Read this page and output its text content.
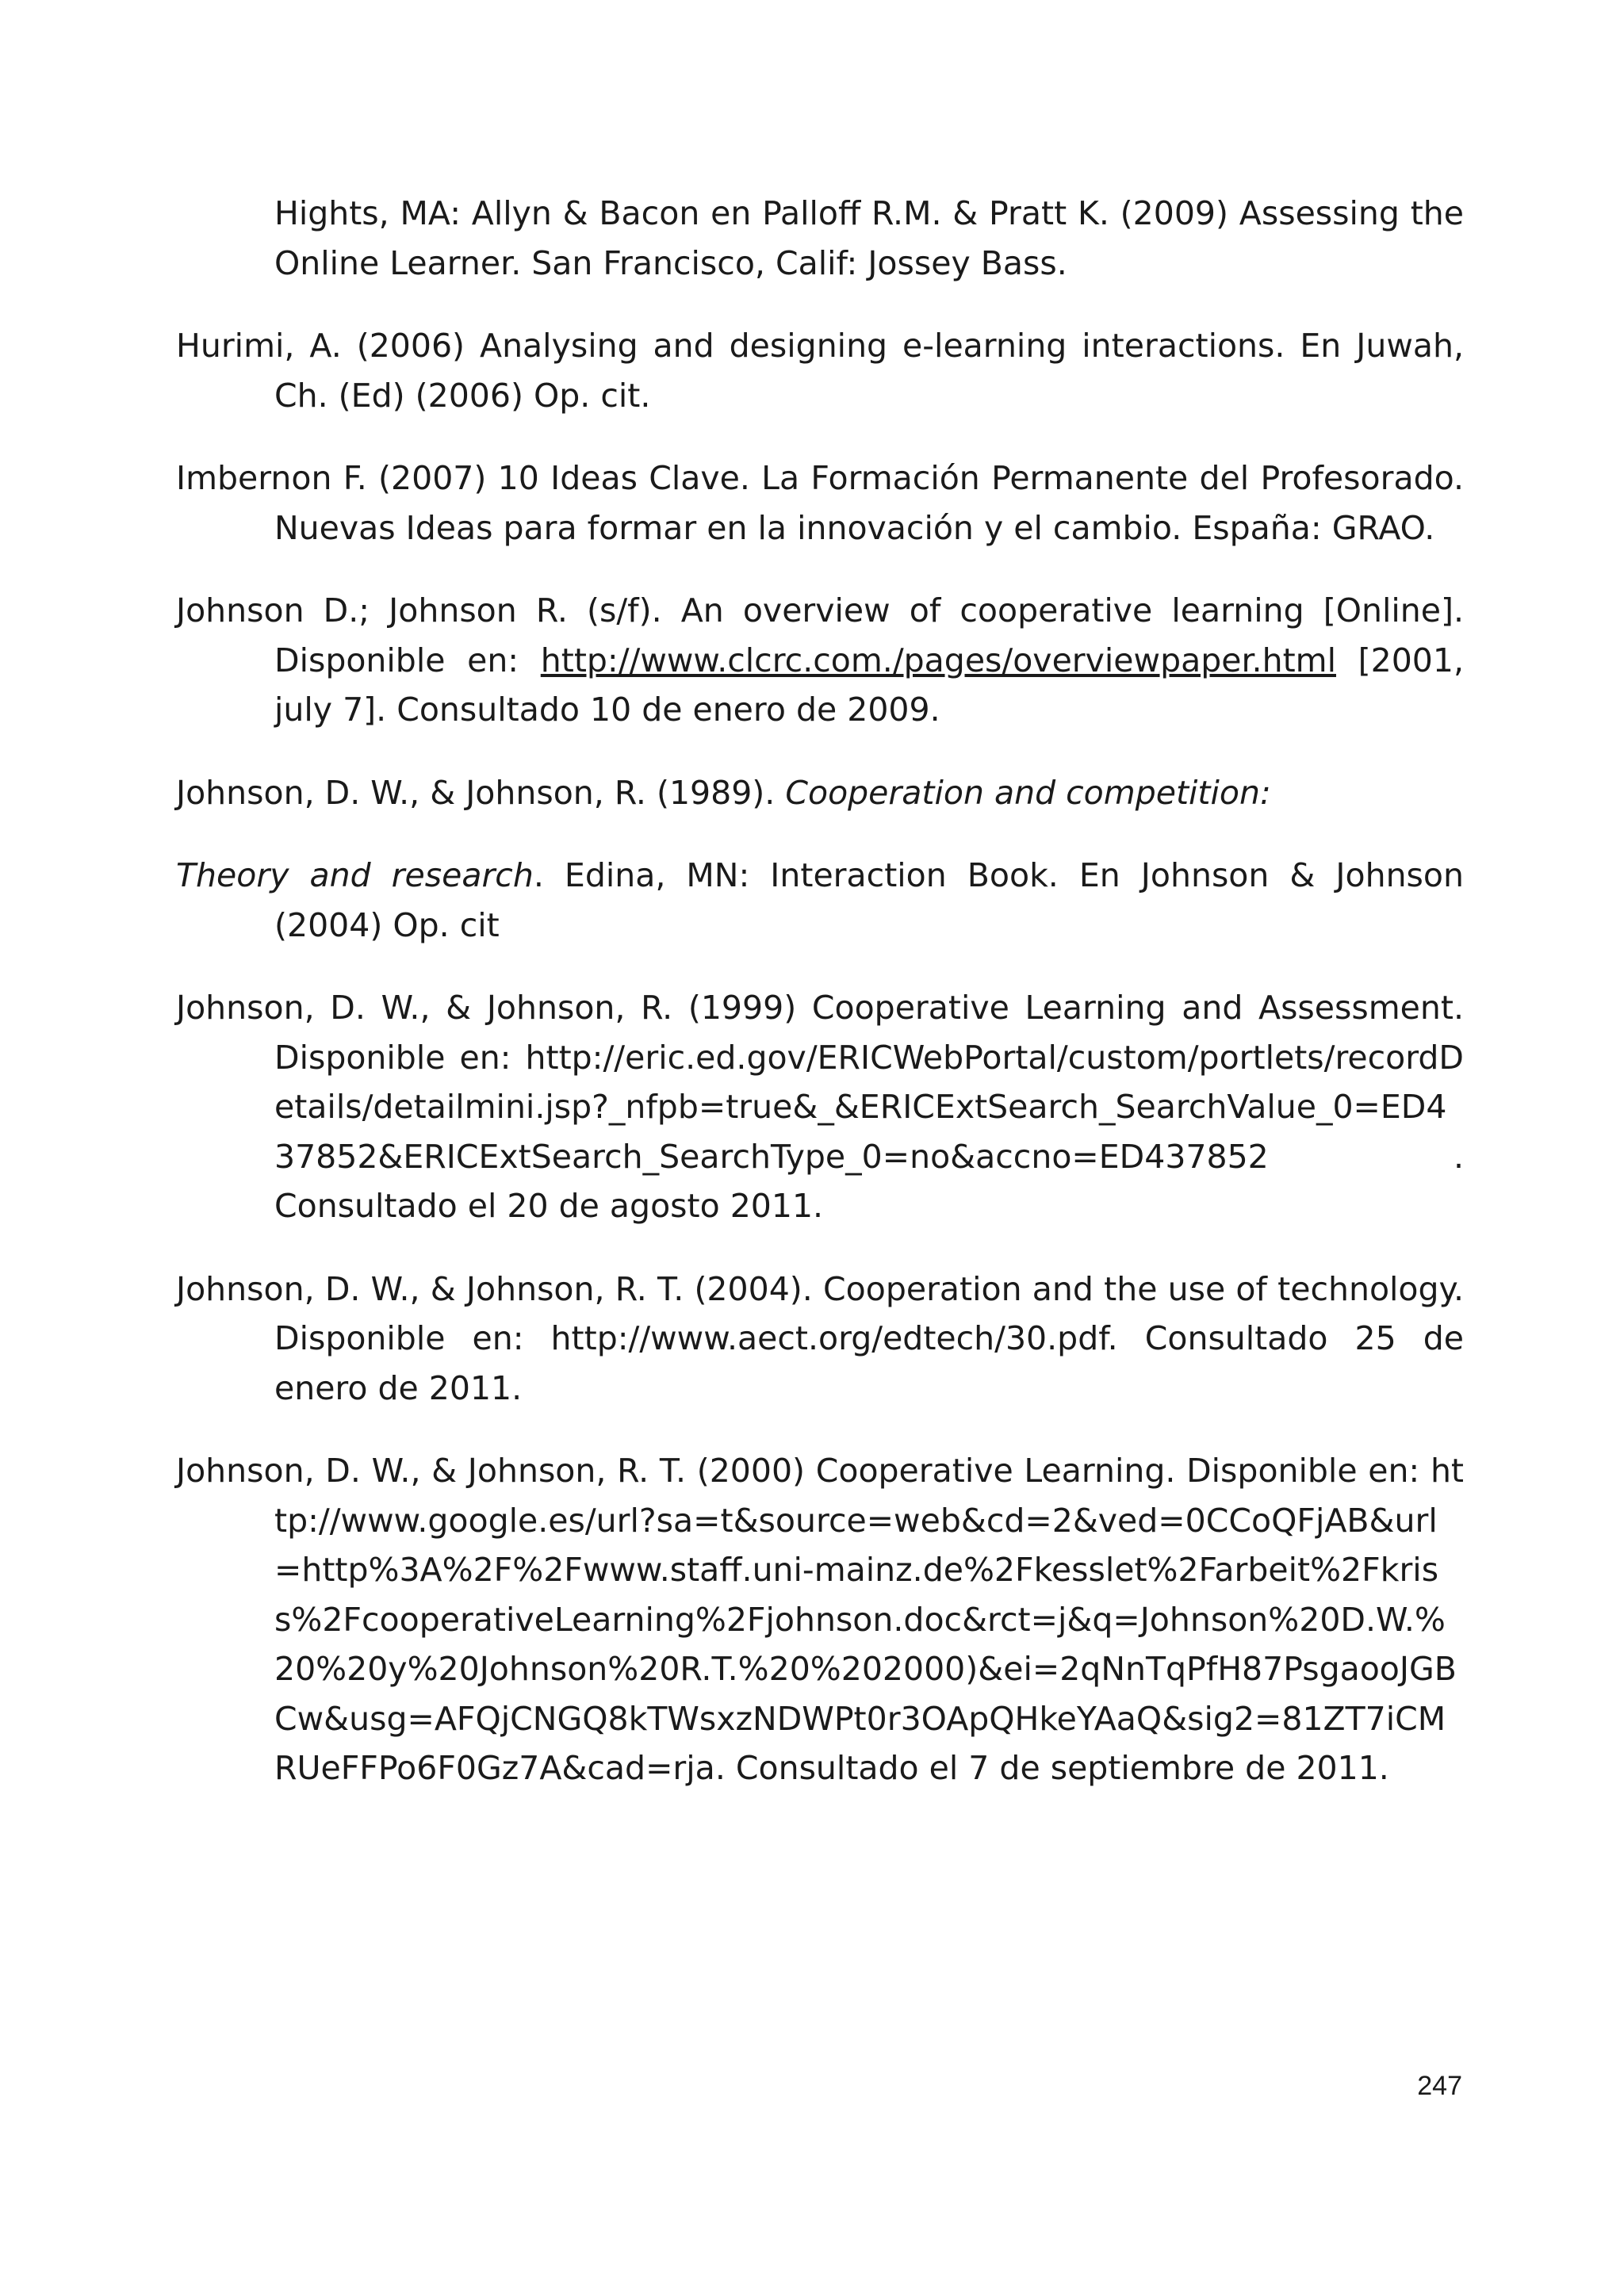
Hights, MA: Allyn & Bacon en Palloff R.M. & Pratt K. (2009) Assessing the Online Learner. San Francisco, Calif: Jossey Bass.

Hurimi, A. (2006) Analysing and designing e-learning interactions. En Juwah, Ch. (Ed) (2006) Op. cit.

Imbernon F. (2007) 10 Ideas Clave. La Formación Permanente del Profesorado. Nuevas Ideas para formar en la innovación y el cambio. España: GRAO.

Johnson D.; Johnson R. (s/f). An overview of cooperative learning [Online]. Disponible en: http://www.clcrc.com./pages/overviewpaper.html [2001, july 7]. Consultado 10 de enero de 2009.

Johnson, D. W., & Johnson, R. (1989). Cooperation and competition:

Theory and research. Edina, MN: Interaction Book. En Johnson & Johnson (2004) Op. cit

Johnson, D. W., & Johnson, R. (1999) Cooperative Learning and Assessment. Disponible en: http://eric.ed.gov/ERICWebPortal/custom/portlets/recordDetails/detailmini.jsp?_nfpb=true&_&ERICExtSearch_SearchValue_0=ED437852&ERICExtSearch_SearchType_0=no&accno=ED437852 . Consultado el 20 de agosto 2011.

Johnson, D. W., & Johnson, R. T. (2004). Cooperation and the use of technology. Disponible en: http://www.aect.org/edtech/30.pdf. Consultado 25 de enero de 2011.

Johnson, D. W., & Johnson, R. T. (2000) Cooperative Learning. Disponible en: http://www.google.es/url?sa=t&source=web&cd=2&ved=0CCoQFjAB&url=http%3A%2F%2Fwww.staff.uni-mainz.de%2Fkesslet%2Farbeit%2Fkriss%2FcooperativeLearning%2Fjohnson.doc&rct=j&q=Johnson%20D.W.%20%20y%20Johnson%20R.T.%20%202000)&ei=2qNnTqPfH87PsgaooJGBCw&usg=AFQjCNGQ8kTWsxzNDWPt0r3OApQHkeYAaQ&sig2=81ZT7iCMRUeFFPo6F0Gz7A&cad=rja. Consultado el 7 de septiembre de 2011.

247
